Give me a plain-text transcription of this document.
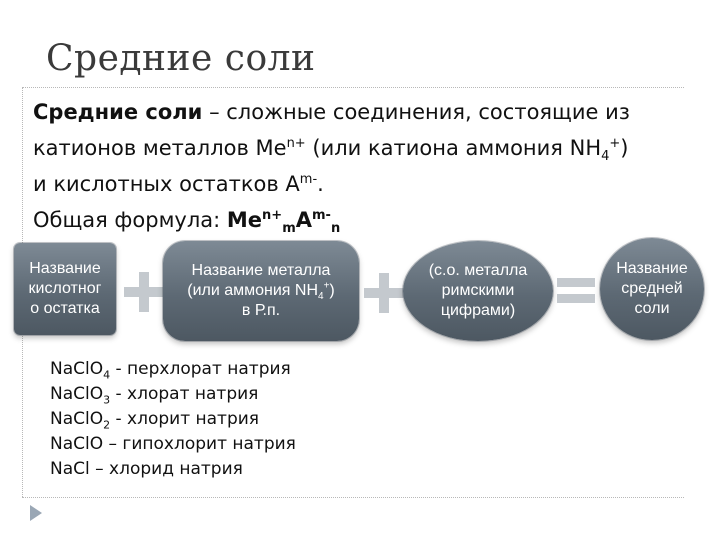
Средние соли

Средние соли – сложные соединения, состоящие из

катионов металлов $Me^{n+}$ (или катиона аммония $NH_4^+$)

и кислотных остатков $A^{m-}$.

Общая формула: $Me^{n+}_mA^{m-}_n$
Название
кислотног
о остатка
Название металла
(или аммония $NH_4^+$)
в Р.п.
(с.о. металла
римскими
цифрами)
Название
средней
соли
NaClO$_4$ - перхлорат натрия
NaClO$_3$ - хлорат натрия
NaClO$_2$ - хлорит натрия
NaClO – гипохлорит натрия
NaCl – хлорид натрия
